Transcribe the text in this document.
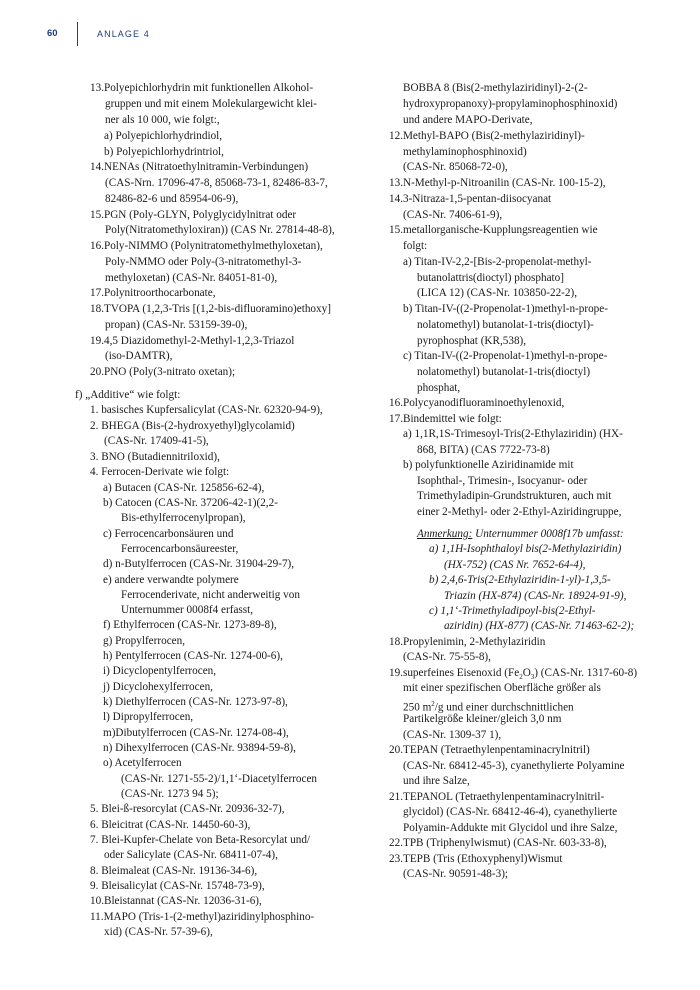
60	ANLAGE 4
13.Polyepichlorhydrin mit funktionellen Alkohol-
gruppen und mit einem Molekulargewicht klei-
ner als 10 000, wie folgt:,
a) Polyepichlorhydrindiol,
b) Polyepichlorhydrintriol,
14.NENAs (Nitratoethylnitramin-Verbindungen)
(CAS-Nrn. 17096-47-8, 85068-73-1, 82486-83-7,
82486-82-6 und 85954-06-9),
15.PGN (Poly-GLYN, Polyglycidylnitrat oder
Poly(Nitratomethyloxiran)) (CAS Nr. 27814-48-8),
16.Poly-NIMMO (Polynitratomethylmethyloxetan),
Poly-NMMO oder Poly-(3-nitratomethyl-3-
methyloxetan) (CAS-Nr. 84051-81-0),
17.Polynitroorthocarbonate,
18.TVOPA (1,2,3-Tris [(1,2-bis-difluoramino)ethoxy]
propan) (CAS-Nr. 53159-39-0),
19.4,5 Diazidomethyl-2-Methyl-1,2,3-Triazol
(iso-DAMTR),
20.PNO (Poly(3-nitrato oxetan);
f) „Additive“ wie folgt:
1. basisches Kupfersalicylat (CAS-Nr. 62320-94-9),
2. BHEGA (Bis-(2-hydroxyethyl)glycolamid)
(CAS-Nr. 17409-41-5),
3. BNO (Butadiennitriloxid),
4. Ferrocen-Derivate wie folgt:
a) Butacen (CAS-Nr. 125856-62-4),
b) Catocen (CAS-Nr. 37206-42-1)(2,2-
Bis-ethylferrocenylpropan),
c) Ferrocencarbonsäuren und
Ferrocencarbonsäureester,
d) n-Butylferrocen (CAS-Nr. 31904-29-7),
e) andere verwandte polymere
Ferrocenderivate, nicht anderweitig von
Unternummer 0008f4 erfasst,
f) Ethylferrocen (CAS-Nr. 1273-89-8),
g) Propylferrocen,
h) Pentylferrocen (CAS-Nr. 1274-00-6),
i) Dicyclopentylferrocen,
j) Dicyclohexylferrocen,
k) Diethylferrocen (CAS-Nr. 1273-97-8),
l) Dipropylferrocen,
m)Dibutylferrocen (CAS-Nr. 1274-08-4),
n) Dihexylferrocen (CAS-Nr. 93894-59-8),
o) Acetylferrocen
(CAS-Nr. 1271-55-2)/1,1‘-Diacetylferrocen
(CAS-Nr. 1273 94 5);
5. Blei-ß-resorcylat (CAS-Nr. 20936-32-7),
6. Bleicitrat (CAS-Nr. 14450-60-3),
7. Blei-Kupfer-Chelate von Beta-Resorcylat und/
oder Salicylate (CAS-Nr. 68411-07-4),
8. Bleimaleat (CAS-Nr. 19136-34-6),
9. Bleisalicylat (CAS-Nr. 15748-73-9),
10.Bleistannat (CAS-Nr. 12036-31-6),
11.MAPO (Tris-1-(2-methyl)aziridinylphosphino-
xid) (CAS-Nr. 57-39-6),
BOBBA 8 (Bis(2-methylaziridinyl)-2-(2-
hydroxypropanoxy)-propylaminophosphinoxid)
und andere MAPO-Derivate,
12.Methyl-BAPO (Bis(2-methylaziridinyl)-
methylaminophosphinoxid)
(CAS-Nr. 85068-72-0),
13.N-Methyl-p-Nitroanilin (CAS-Nr. 100-15-2),
14.3-Nitraza-1,5-pentan-diisocyanat
(CAS-Nr. 7406-61-9),
15.metallorganische-Kupplungsreagentien wie
folgt:
a) Titan-IV-2,2-[Bis-2-propenolat-methyl-
butanolattris(dioctyl) phosphato]
(LICA 12) (CAS-Nr. 103850-22-2),
b) Titan-IV-((2-Propenolat-1)methyl-n-prope-
nolatomethyl) butanolat-1-tris(dioctyl)-
pyrophosphat (KR,538),
c) Titan-IV-((2-Propenolat-1)methyl-n-prope-
nolatomethyl) butanolat-1-tris(dioctyl)
phosphat,
16.Polycyanodifluoraminoethylenoxid,
17.Bindemittel wie folgt:
a) 1,1R,1S-Trimesoyl-Tris(2-Ethylaziridin) (HX-
868, BITA) (CAS 7722-73-8)
b) polyfunktionelle Aziridinamide mit
Isophthal-, Trimesin-, Isocyanur- oder
Trimethyladipin-Grundstrukturen, auch mit
einer 2-Methyl- oder 2-Ethyl-Aziridingruppe,
Anmerkung: Unternummer 0008f17b umfasst:
a) 1,1H-Isophthaloyl bis(2-Methylaziridin)
(HX-752) (CAS Nr. 7652-64-4),
b) 2,4,6-Tris(2-Ethylaziridin-1-yl)-1,3,5-
Triazin (HX-874) (CAS-Nr. 18924-91-9),
c) 1,1‘-Trimethyladipoyl-bis(2-Ethyl-
aziridin) (HX-877) (CAS-Nr. 71463-62-2);
18.Propylenimin, 2-Methylaziridin
(CAS-Nr. 75-55-8),
19.superfeines Eisenoxid $(Fe_2O_3)$ (CAS-Nr. 1317-60-8)
mit einer spezifischen Oberfläche größer als
250 $m^2/g$ und einer durchschnittlichen
Partikelgröße kleiner/gleich 3,0 nm
(CAS-Nr. 1309-37 1),
20.TEPAN (Tetraethylenpentaminacrylnitril)
(CAS-Nr. 68412-45-3), cyanethylierte Polyamine
und ihre Salze,
21.TEPANOL (Tetraethylenpentaminacrylnitril-
glycidol) (CAS-Nr. 68412-46-4), cyanethylierte
Polyamin-Addukte mit Glycidol und ihre Salze,
22.TPB (Triphenylwismut) (CAS-Nr. 603-33-8),
23.TEPB (Tris (Ethoxyphenyl)Wismut
(CAS-Nr. 90591-48-3);
